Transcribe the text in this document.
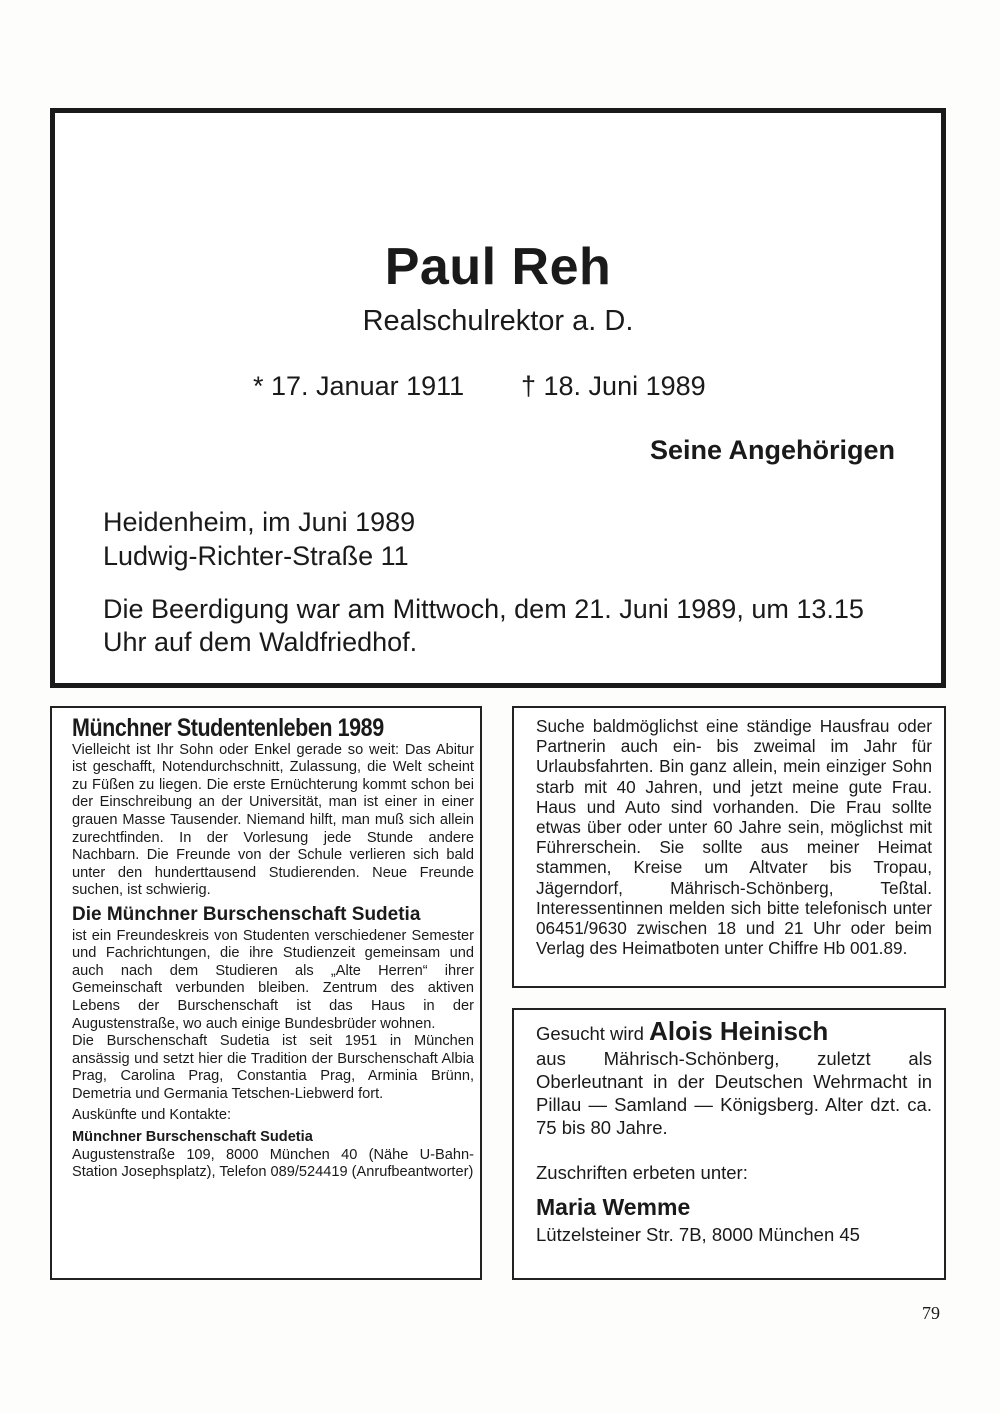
Paul Reh
Realschulrektor a. D.
* 17. Januar 1911 † 18. Juni 1989
Seine Angehörigen
Heidenheim, im Juni 1989
Ludwig-Richter-Straße 11
Die Beerdigung war am Mittwoch, dem 21. Juni 1989, um 13.15
Uhr auf dem Waldfriedhof.
Münchner Studentenleben 1989

Vielleicht ist Ihr Sohn oder Enkel gerade so weit: Das Abitur ist geschafft, Notendurchschnitt, Zulassung, die Welt scheint zu Füßen zu liegen. Die erste Ernüchterung kommt schon bei der Einschreibung an der Universität, man ist einer in einer grauen Masse Tausender. Niemand hilft, man muß sich allein zurechtfinden. In der Vorlesung jede Stunde andere Nachbarn. Die Freunde von der Schule verlieren sich bald unter den hunderttausend Studierenden. Neue Freunde suchen, ist schwierig.

Die Münchner Burschenschaft Sudetia

ist ein Freundeskreis von Studenten verschiedener Semester und Fachrichtungen, die ihre Studienzeit gemeinsam und auch nach dem Studieren als „Alte Herren“ ihrer Gemeinschaft verbunden bleiben. Zentrum des aktiven Lebens der Burschenschaft ist das Haus in der Augustenstraße, wo auch einige Bundesbrüder wohnen.

Die Burschenschaft Sudetia ist seit 1951 in München ansässig und setzt hier die Tradition der Burschenschaft Albia Prag, Carolina Prag, Constantia Prag, Arminia Brünn, Demetria und Germania Tetschen-Liebwerd fort.

Auskünfte und Kontakte:
Münchner Burschenschaft Sudetia

Augustenstraße 109, 8000 München 40 (Nähe U-Bahn-Station Josephsplatz), Telefon 089/524419 (Anrufbeantworter)

Suche baldmöglichst eine ständige Hausfrau oder Partnerin auch ein- bis zweimal im Jahr für Urlaubsfahrten. Bin ganz allein, mein einziger Sohn starb mit 40 Jahren, und jetzt meine gute Frau. Haus und Auto sind vorhanden. Die Frau sollte etwas über oder unter 60 Jahre sein, möglichst mit Führerschein. Sie sollte aus meiner Heimat stammen, Kreise um Altvater bis Tropau, Jägerndorf, Mährisch-Schönberg, Teßtal. Interessentinnen melden sich bitte telefonisch unter 06451/9630 zwischen 18 und 21 Uhr oder beim Verlag des Heimatboten unter Chiffre Hb 001.89.
Gesucht wird Alois Heinisch
aus Mährisch-Schönberg, zuletzt als Oberleutnant in der Deutschen Wehrmacht in Pillau — Samland — Königsberg. Alter dzt. ca. 75 bis 80 Jahre.
Zuschriften erbeten unter:
Maria Wemme
Lützelsteiner Str. 7B, 8000 München 45
79
